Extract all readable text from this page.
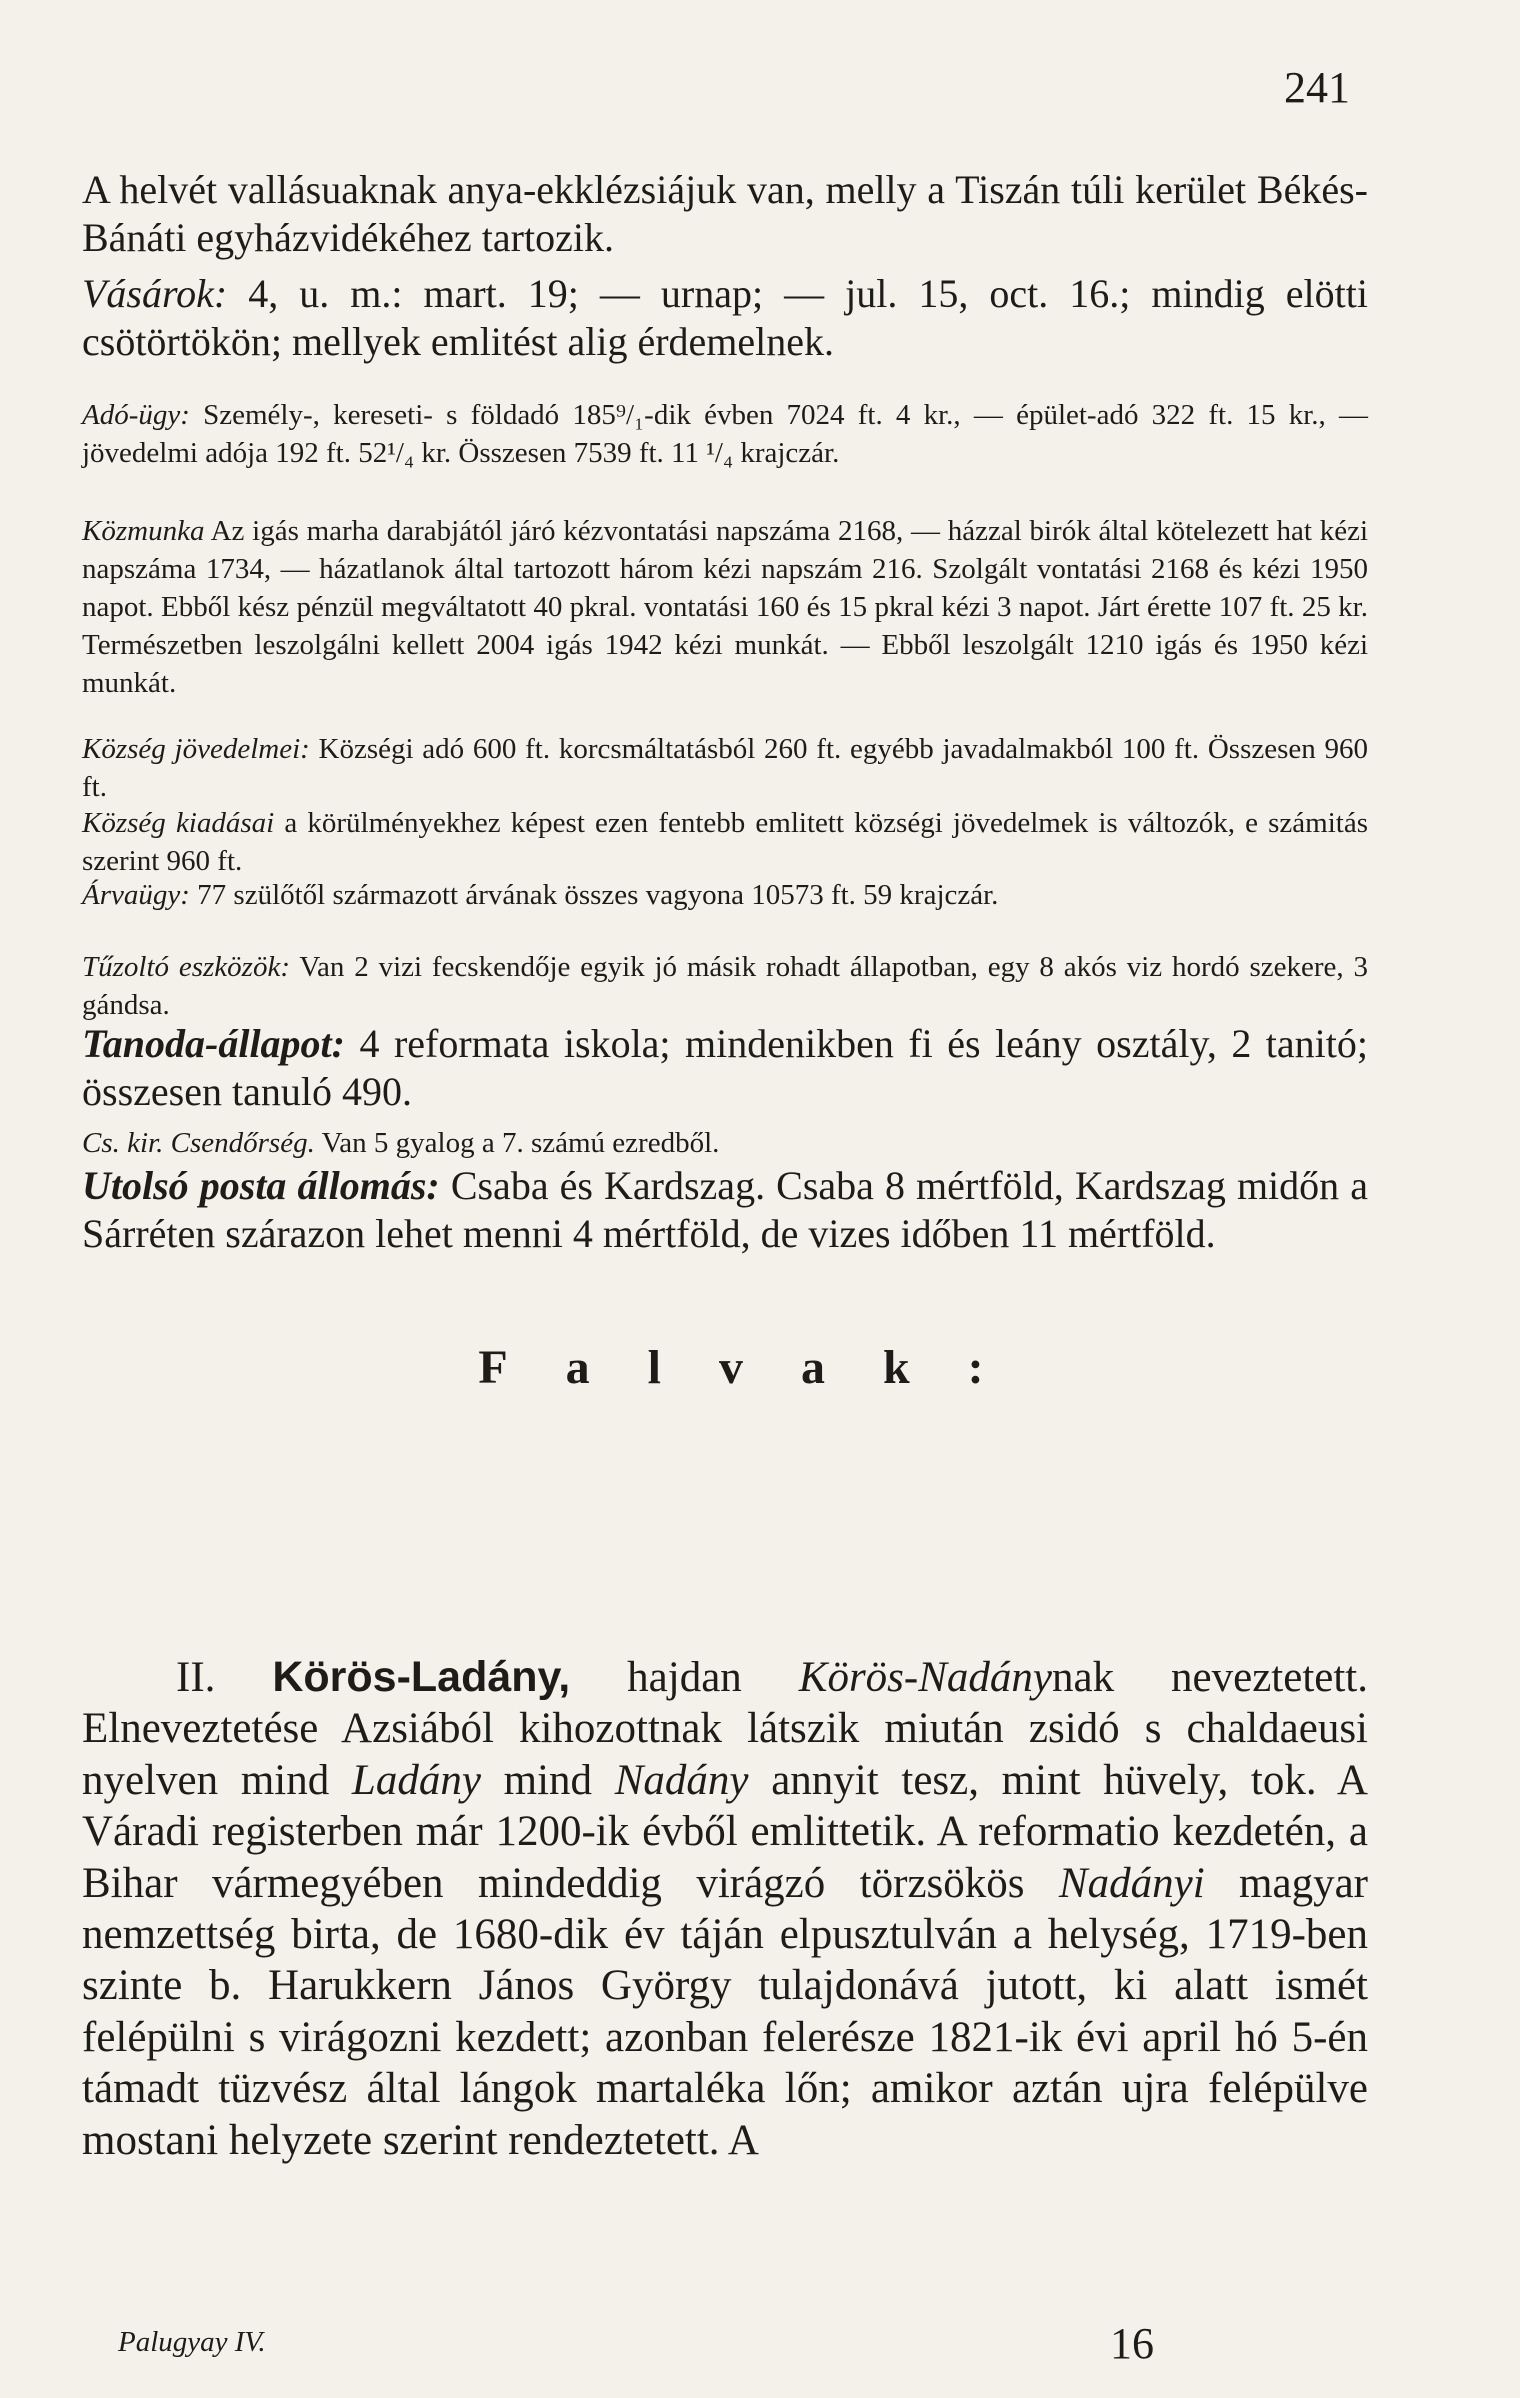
241

A helvét vallásuaknak anya-ekklézsiájuk van, melly a Tiszán túli kerület Békés-Bánáti egyházvidékéhez tartozik.

Vásárok: 4, u. m.: mart. 19; — urnap; — jul. 15, oct. 16.; mindig elötti csötörtökön; mellyek emlitést alig érdemelnek.

Adó-ügy: Személy-, kereseti- s földadó 185⁹/₁-dik évben 7024 ft. 4 kr., — épület-adó 322 ft. 15 kr., — jövedelmi adója 192 ft. 52¹/₄ kr. Összesen 7539 ft. 11 ¹/₄ krajczár.

Közmunka Az igás marha darabjától járó kézvontatási napszáma 2168, — házzal birók által kötelezett hat kézi napszáma 1734, — házatlanok által tartozott három kézi napszám 216. Szolgált vontatási 2168 és kézi 1950 napot. Ebből kész pénzül megváltatott 40 pkral. vontatási 160 és 15 pkral kézi 3 napot. Járt érette 107 ft. 25 kr. Természetben leszolgálni kellett 2004 igás 1942 kézi munkát. — Ebből leszolgált 1210 igás és 1950 kézi munkát.

Község jövedelmei: Községi adó 600 ft. korcsmáltatásból 260 ft. egyébb javadalmakból 100 ft. Összesen 960 ft.

Község kiadásai a körülményekhez képest ezen fentebb emlitett községi jövedelmek is változók, e számitás szerint 960 ft.

Árvaügy: 77 szülőtől származott árvának összes vagyona 10573 ft. 59 krajczár.

Tűzoltó eszközök: Van 2 vizi fecskendője egyik jó másik rohadt állapotban, egy 8 akós viz hordó szekere, 3 gándsa.

Tanoda-állapot: 4 reformata iskola; mindenikben fi és leány osztály, 2 tanitó; összesen tanuló 490.

Cs. kir. Csendőrség. Van 5 gyalog a 7. számú ezredből.

Utolsó posta állomás: Csaba és Kardszag. Csaba 8 mértföld, Kardszag midőn a Sárréten szárazon lehet menni 4 mértföld, de vizes időben 11 mértföld.

Falvak:

II. Körös-Ladány, hajdan Körös-Nadánynak neveztetett. Elneveztetése Azsiából kihozottnak látszik miután zsidó s chaldaeusi nyelven mind Ladány mind Nadány annyit tesz, mint hüvely, tok. A Váradi registerben már 1200-ik évből emlittetik. A reformatio kezdetén, a Bihar vármegyében mindeddig virágzó törzsökös Nadányi magyar nemzettség birta, de 1680-dik év táján elpusztulván a helység, 1719-ben szinte b. Harukkern János György tulajdonává jutott, ki alatt ismét felépülni s virágozni kezdett; azonban felerésze 1821-ik évi april hó 5-én támadt tüzvész által lángok martaléka lőn; amikor aztán ujra felépülve mostani helyzete szerint rendeztetett. A

Palugyay IV.	16
